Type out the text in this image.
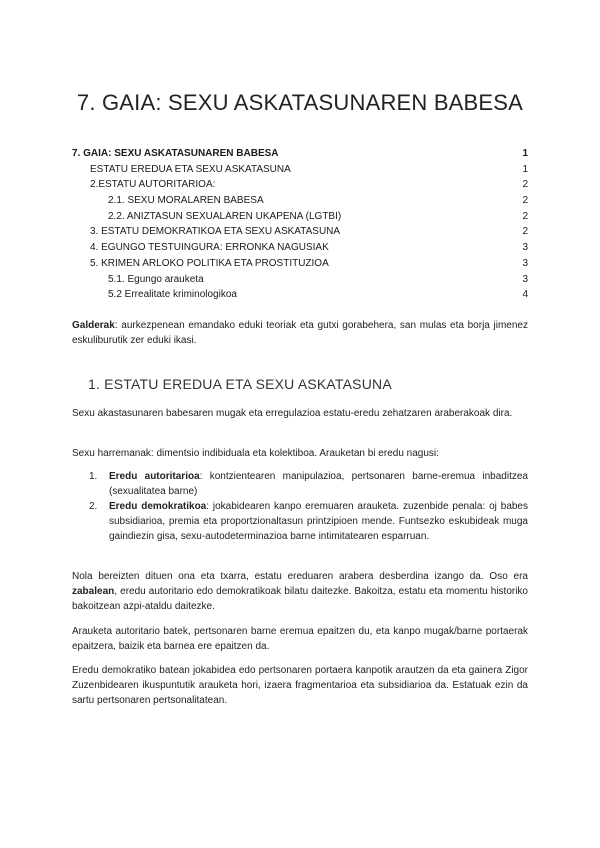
7. GAIA: SEXU ASKATASUNAREN BABESA
7. GAIA: SEXU ASKATASUNAREN BABESA	1
ESTATU EREDUA ETA SEXU ASKATASUNA	1
2.ESTATU AUTORITARIOA:	2
2.1. SEXU MORALAREN BABESA	2
2.2. ANIZTASUN SEXUALAREN UKAPENA (LGTBI)	2
3. ESTATU DEMOKRATIKOA ETA SEXU ASKATASUNA	2
4. EGUNGO TESTUINGURA: ERRONKA NAGUSIAK	3
5. KRIMEN ARLOKO POLITIKA ETA PROSTITUZIOA	3
5.1. Egungo arauketa	3
5.2 Errealitate kriminologikoa	4

Galderak: aurkezpenean emandako eduki teoriak eta gutxi gorabehera, san mulas eta borja jimenez eskuliburutik zer eduki ikasi.

1. ESTATU EREDUA ETA SEXU ASKATASUNA

Sexu akastasunaren babesaren mugak eta erregulazioa estatu-eredu zehatzaren araberakoak dira.

Sexu harremanak: dimentsio indibiduala eta kolektiboa. Arauketan bi eredu nagusi:

1. Eredu autoritarioa: kontzientearen manipulazioa, pertsonaren barne-eremua inbaditzea (sexualitatea barne)
2. Eredu demokratikoa: jokabidearen kanpo eremuaren arauketa. zuzenbide penala: oj babes subsidiarioa, premia eta proportzionaltasun printzipioen mende. Funtsezko eskubideak muga gaindiezin gisa, sexu-autodeterminazioa barne intimitatearen esparruan.

Nola bereizten dituen ona eta txarra, estatu ereduaren arabera desberdina izango da. Oso era zabalean, eredu autoritario edo demokratikoak bilatu daitezke. Bakoitza, estatu eta momentu historiko bakoitzean azpi-ataldu daitezke.

Arauketa autoritario batek, pertsonaren barne eremua epaitzen du, eta kanpo mugak/barne portaerak epaitzera, baizik eta barnea ere epaitzen da.

Eredu demokratiko batean jokabidea edo pertsonaren portaera kanpotik arautzen da eta gainera Zigor Zuzenbidearen ikuspuntutik arauketa hori, izaera fragmentarioa eta subsidiarioa da. Estatuak ezin da sartu pertsonaren pertsonalitatean.
